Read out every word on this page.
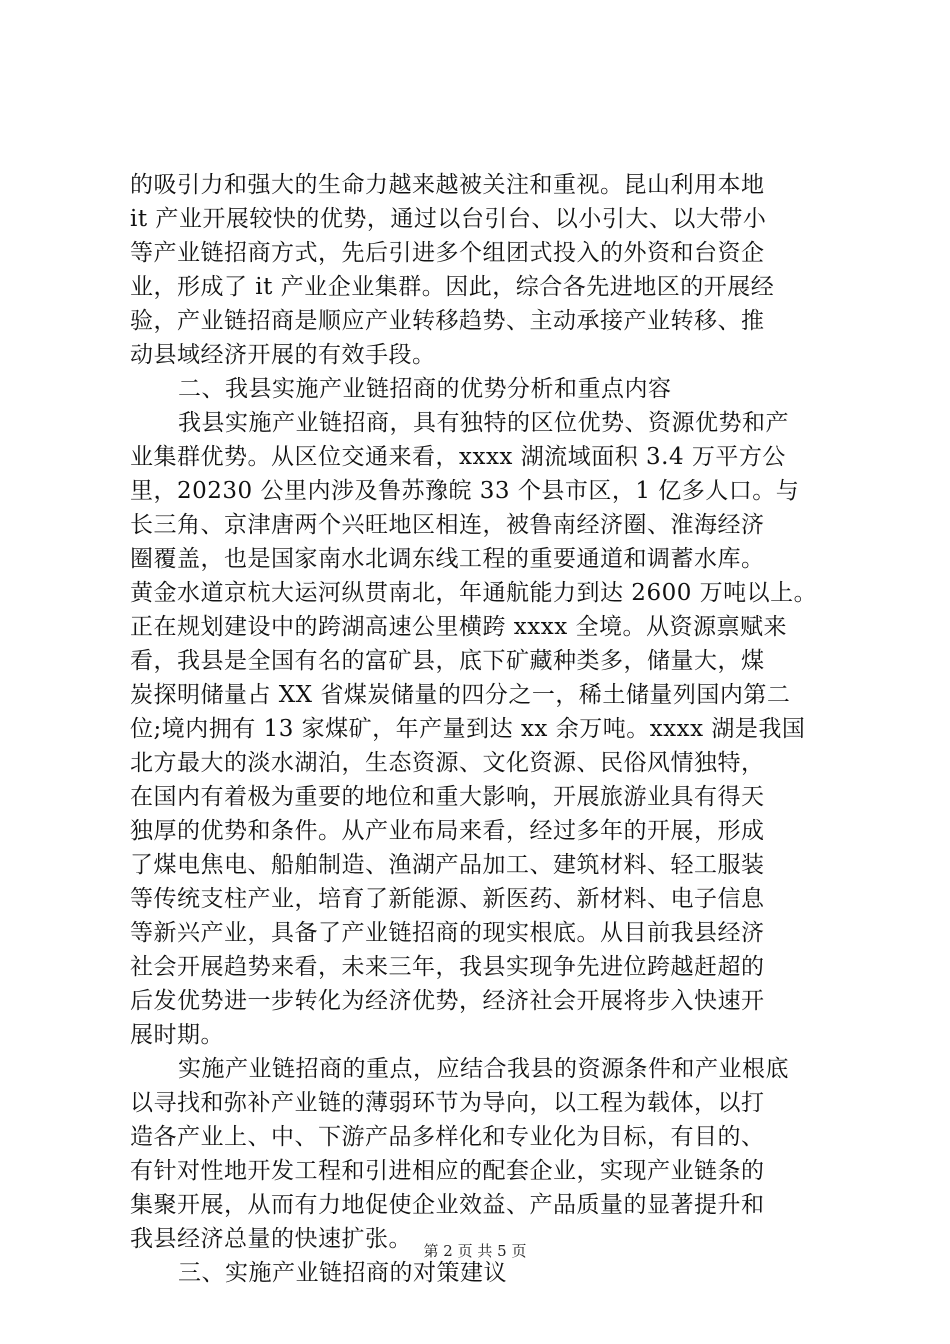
的吸引力和强大的生命力越来越被关注和重视。昆山利用本地
it 产业开展较快的优势，通过以台引台、以小引大、以大带小
等产业链招商方式，先后引进多个组团式投入的外资和台资企
业，形成了 it 产业企业集群。因此，综合各先进地区的开展经
验，产业链招商是顺应产业转移趋势、主动承接产业转移、推
动县域经济开展的有效手段。
二、我县实施产业链招商的优势分析和重点内容
我县实施产业链招商，具有独特的区位优势、资源优势和产
业集群优势。从区位交通来看，xxxx 湖流域面积 3.4 万平方公
里，20230 公里内涉及鲁苏豫皖 33 个县市区，1 亿多人口。与
长三角、京津唐两个兴旺地区相连，被鲁南经济圈、淮海经济
圈覆盖，也是国家南水北调东线工程的重要通道和调蓄水库。
黄金水道京杭大运河纵贯南北，年通航能力到达 2600 万吨以上。
正在规划建设中的跨湖高速公里横跨 xxxx 全境。从资源禀赋来
看，我县是全国有名的富矿县，底下矿藏种类多，储量大，煤
炭探明储量占 XX 省煤炭储量的四分之一，稀土储量列国内第二
位;境内拥有 13 家煤矿，年产量到达 xx 余万吨。xxxx 湖是我国
北方最大的淡水湖泊，生态资源、文化资源、民俗风情独特，
在国内有着极为重要的地位和重大影响，开展旅游业具有得天
独厚的优势和条件。从产业布局来看，经过多年的开展，形成
了煤电焦电、船舶制造、渔湖产品加工、建筑材料、轻工服装
等传统支柱产业，培育了新能源、新医药、新材料、电子信息
等新兴产业，具备了产业链招商的现实根底。从目前我县经济
社会开展趋势来看，未来三年，我县实现争先进位跨越赶超的
后发优势进一步转化为经济优势，经济社会开展将步入快速开
展时期。
实施产业链招商的重点，应结合我县的资源条件和产业根底
以寻找和弥补产业链的薄弱环节为导向，以工程为载体，以打
造各产业上、中、下游产品多样化和专业化为目标，有目的、
有针对性地开发工程和引进相应的配套企业，实现产业链条的
集聚开展，从而有力地促使企业效益、产品质量的显著提升和
我县经济总量的快速扩张。
三、实施产业链招商的对策建议
第 2 页 共 5 页
